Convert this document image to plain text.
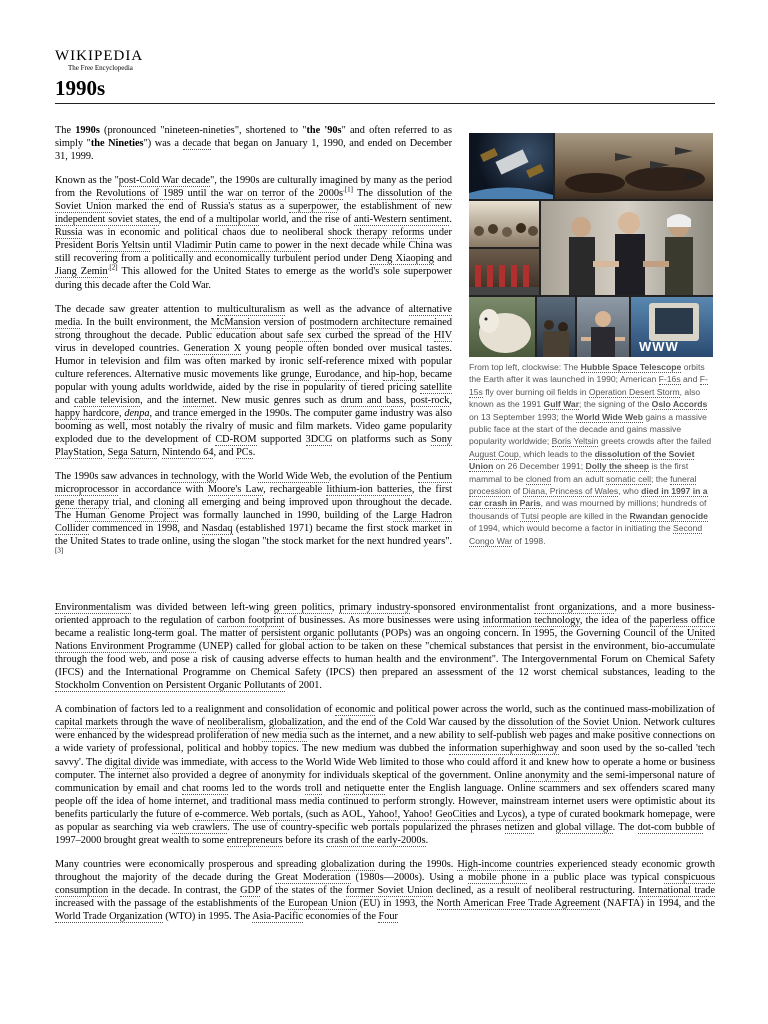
WIKIPEDIA
The Free Encyclopedia
1990s

The 1990s (pronounced "nineteen-nineties", shortened to "the '90s" and often referred to as simply "the Nineties") was a decade that began on January 1, 1990, and ended on December 31, 1999.

Known as the "post-Cold War decade", the 1990s are culturally imagined by many as the period from the Revolutions of 1989 until the war on terror of the $2000s^{.[1]}$ The dissolution of the Soviet Union marked the end of Russia's status as a superpower, the establishment of new independent soviet states, the end of a multipolar world, and the rise of anti-Western sentiment. Russia was in economic and political chaos due to neoliberal shock therapy reforms under President Boris Yeltsin until Vladimir Putin came to power in the next decade while China was still recovering from a politically and economically turbulent period under Deng Xiaoping and Jiang Zemin$^{.[2]}$ This allowed for the United States to emerge as the world's sole superpower during this decade after the Cold War.

The decade saw greater attention to multiculturalism as well as the advance of alternative media. In the built environment, the McMansion version of postmodern architecture remained strong throughout the decade. Public education about safe sex curbed the spread of the HIV virus in developed countries. Generation X young people often bonded over musical tastes. Humor in television and film was often marked by ironic self-reference mixed with popular culture references. Alternative music movements like grunge, Eurodance, and hip-hop, became popular with young adults worldwide, aided by the rise in popularity of tiered pricing satellite and cable television, and the internet. New music genres such as drum and bass, post-rock, happy hardcore, denpa, and trance emerged in the 1990s. The computer game industry was also booming as well, most notably the rivalry of music and film markets. Video game popularity exploded due to the development of CD-ROM supported 3DCG on platforms such as Sony PlayStation, Sega Saturn, Nintendo 64, and PCs.

The 1990s saw advances in technology, with the World Wide Web, the evolution of the Pentium microprocessor in accordance with Moore's Law, rechargeable lithium-ion batteries, the first gene therapy trial, and cloning all emerging and being improved upon throughout the decade. The Human Genome Project was formally launched in 1990, building of the Large Hadron Collider commenced in 1998, and Nasdaq (established 1971) became the first stock market in the United States to trade online, using the slogan "the stock market for the next hundred years".[3]

WWW
From top left, clockwise: The Hubble Space Telescope orbits the Earth after it was launched in 1990; American F-16s and F-15s fly over burning oil fields in Operation Desert Storm, also known as the 1991 Gulf War; the signing of the Oslo Accords on 13 September 1993; the World Wide Web gains a massive public face at the start of the decade and gains massive popularity worldwide; Boris Yeltsin greets crowds after the failed August Coup, which leads to the dissolution of the Soviet Union on 26 December 1991; Dolly the sheep is the first mammal to be cloned from an adult somatic cell; the funeral procession of Diana, Princess of Wales, who died in 1997 in a car crash in Paris, and was mourned by millions; hundreds of thousands of Tutsi people are killed in the Rwandan genocide of 1994, which would become a factor in initiating the Second Congo War of 1998.

Environmentalism was divided between left-wing green politics, primary industry-sponsored environmentalist front organizations, and a more business-oriented approach to the regulation of carbon footprint of businesses. As more businesses were using information technology, the idea of the paperless office became a realistic long-term goal. The matter of persistent organic pollutants (POPs) was an ongoing concern. In 1995, the Governing Council of the United Nations Environment Programme (UNEP) called for global action to be taken on these "chemical substances that persist in the environment, bio-accumulate through the food web, and pose a risk of causing adverse effects to human health and the environment". The Intergovernmental Forum on Chemical Safety (IFCS) and the International Programme on Chemical Safety (IPCS) then prepared an assessment of the 12 worst chemical substances, leading to the Stockholm Convention on Persistent Organic Pollutants of 2001.

A combination of factors led to a realignment and consolidation of economic and political power across the world, such as the continued mass-mobilization of capital markets through the wave of neoliberalism, globalization, and the end of the Cold War caused by the dissolution of the Soviet Union. Network cultures were enhanced by the widespread proliferation of new media such as the internet, and a new ability to self-publish web pages and make positive connections on a wide variety of professional, political and hobby topics. The new medium was dubbed the information superhighway and soon used by the so-called 'tech savvy'. The digital divide was immediate, with access to the World Wide Web limited to those who could afford it and knew how to operate a home or business computer. The internet also provided a degree of anonymity for individuals skeptical of the government. Online anonymity and the semi-impersonal nature of communication by email and chat rooms led to the words troll and netiquette enter the English language. Online scammers and sex offenders scared many people off the idea of home internet, and traditional mass media continued to perform strongly. However, mainstream internet users were optimistic about its benefits particularly the future of e-commerce. Web portals, (such as AOL, Yahoo!, Yahoo! GeoCities and Lycos), a type of curated bookmark homepage, were as popular as searching via web crawlers. The use of country-specific web portals popularized the phrases netizen and global village. The dot-com bubble of 1997–2000 brought great wealth to some entrepreneurs before its crash of the early-2000s.

Many countries were economically prosperous and spreading globalization during the 1990s. High-income countries experienced steady economic growth throughout the majority of the decade during the Great Moderation (1980s—2000s). Using a mobile phone in a public place was typical conspicuous consumption in the decade. In contrast, the GDP of the states of the former Soviet Union declined, as a result of neoliberal restructuring. International trade increased with the passage of the establishments of the European Union (EU) in 1993, the North American Free Trade Agreement (NAFTA) in 1994, and the World Trade Organization (WTO) in 1995. The Asia-Pacific economies of the Four
